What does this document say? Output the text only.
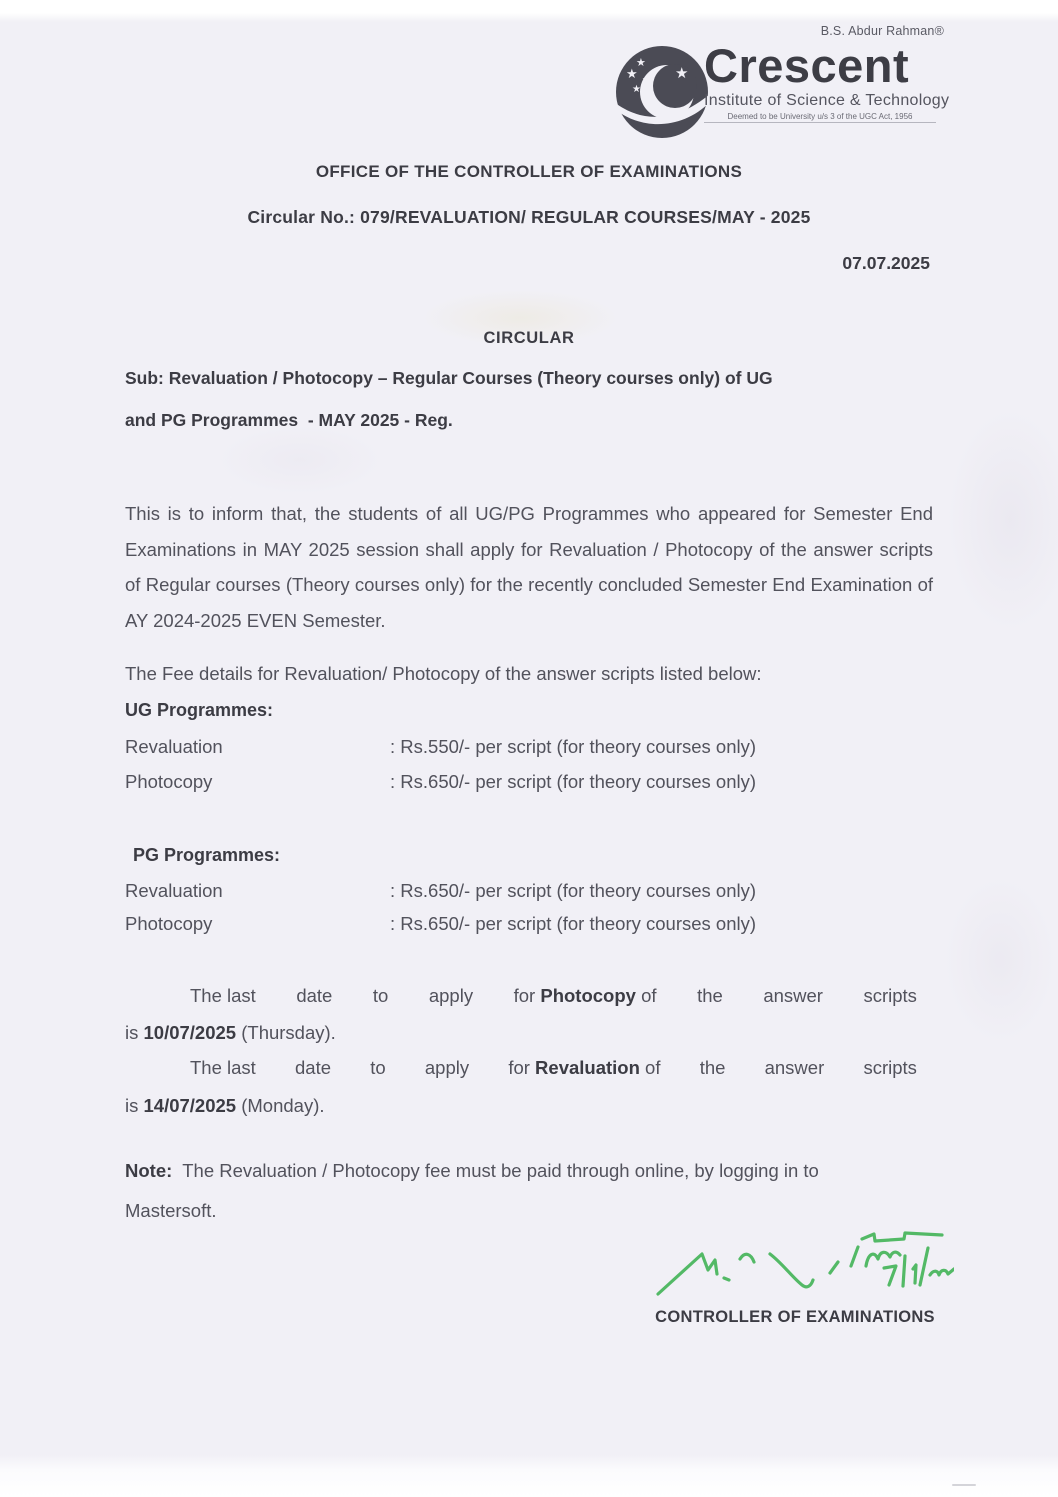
B.S. Abdur Rahman®
★
★
★
★ ★ Crescent
Institute of Science & Technology
Deemed to be University u/s 3 of the UGC Act, 1956
OFFICE OF THE CONTROLLER OF EXAMINATIONS
Circular No.: 079/REVALUATION/ REGULAR COURSES/MAY - 2025
07.07.2025
CIRCULAR
Sub: Revaluation / Photocopy – Regular Courses (Theory courses only) of UG
and PG Programmes  - MAY 2025 - Reg.
This is to inform that, the students of all UG/PG Programmes who appeared for Semester End Examinations in MAY 2025 session shall apply for Revaluation / Photocopy of the answer scripts of Regular courses (Theory courses only) for the recently concluded Semester End Examination of AY 2024-2025 EVEN Semester.
The Fee details for Revaluation/ Photocopy of the answer scripts listed below:
UG Programmes:
Revaluation	: Rs.550/- per script (for theory courses only)
Photocopy	: Rs.650/- per script (for theory courses only)
PG Programmes:
Revaluation	: Rs.650/- per script (for theory courses only)
Photocopy	: Rs.650/- per script (for theory courses only)
The last date to apply for Photocopy of the answer scripts
is 10/07/2025 (Thursday).
The last date to apply for Revaluation of the answer scripts
is 14/07/2025 (Monday).
Note:  The Revaluation / Photocopy fee must be paid through online, by logging in to
Mastersoft.
CONTROLLER OF EXAMINATIONS
